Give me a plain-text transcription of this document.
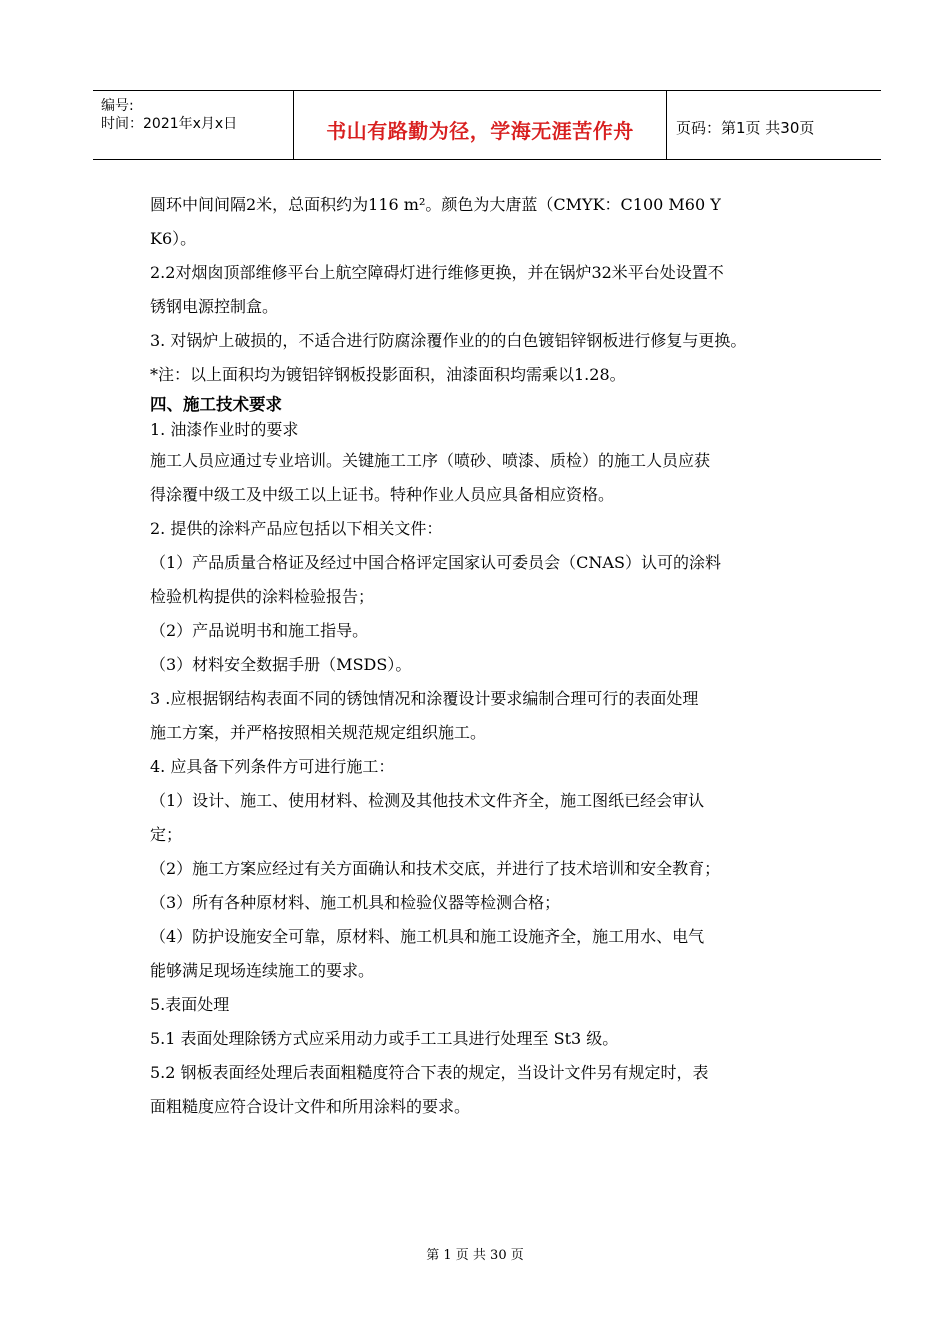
编号:
时间：2021年x月x日	书山有路勤为径，学海无涯苦作舟	页码：第1页 共30页

圆环中间间隔2米，总面积约为116 m²。颜色为大唐蓝（CMYK：C100 M60 Y

K6）。

2.2对烟囱顶部维修平台上航空障碍灯进行维修更换，并在锅炉32米平台处设置不

锈钢电源控制盒。

3. 对锅炉上破损的，不适合进行防腐涂覆作业的的白色镀铝锌钢板进行修复与更换。

*注：以上面积均为镀铝锌钢板投影面积，油漆面积均需乘以1.28。

四、施工技术要求

1. 油漆作业时的要求

施工人员应通过专业培训。关键施工工序（喷砂、喷漆、质检）的施工人员应获

得涂覆中级工及中级工以上证书。特种作业人员应具备相应资格。

2. 提供的涂料产品应包括以下相关文件：

（1）产品质量合格证及经过中国合格评定国家认可委员会（CNAS）认可的涂料

检验机构提供的涂料检验报告；

（2）产品说明书和施工指导。

（3）材料安全数据手册（MSDS）。

3 .应根据钢结构表面不同的锈蚀情况和涂覆设计要求编制合理可行的表面处理

施工方案，并严格按照相关规范规定组织施工。

4. 应具备下列条件方可进行施工：

（1）设计、施工、使用材料、检测及其他技术文件齐全，施工图纸已经会审认

定；

（2）施工方案应经过有关方面确认和技术交底，并进行了技术培训和安全教育；

（3）所有各种原材料、施工机具和检验仪器等检测合格；

（4）防护设施安全可靠，原材料、施工机具和施工设施齐全，施工用水、电气

能够满足现场连续施工的要求。

5.表面处理

5.1 表面处理除锈方式应采用动力或手工工具进行处理至 St3 级。

5.2 钢板表面经处理后表面粗糙度符合下表的规定，当设计文件另有规定时，表

面粗糙度应符合设计文件和所用涂料的要求。

第 1 页 共 30 页
